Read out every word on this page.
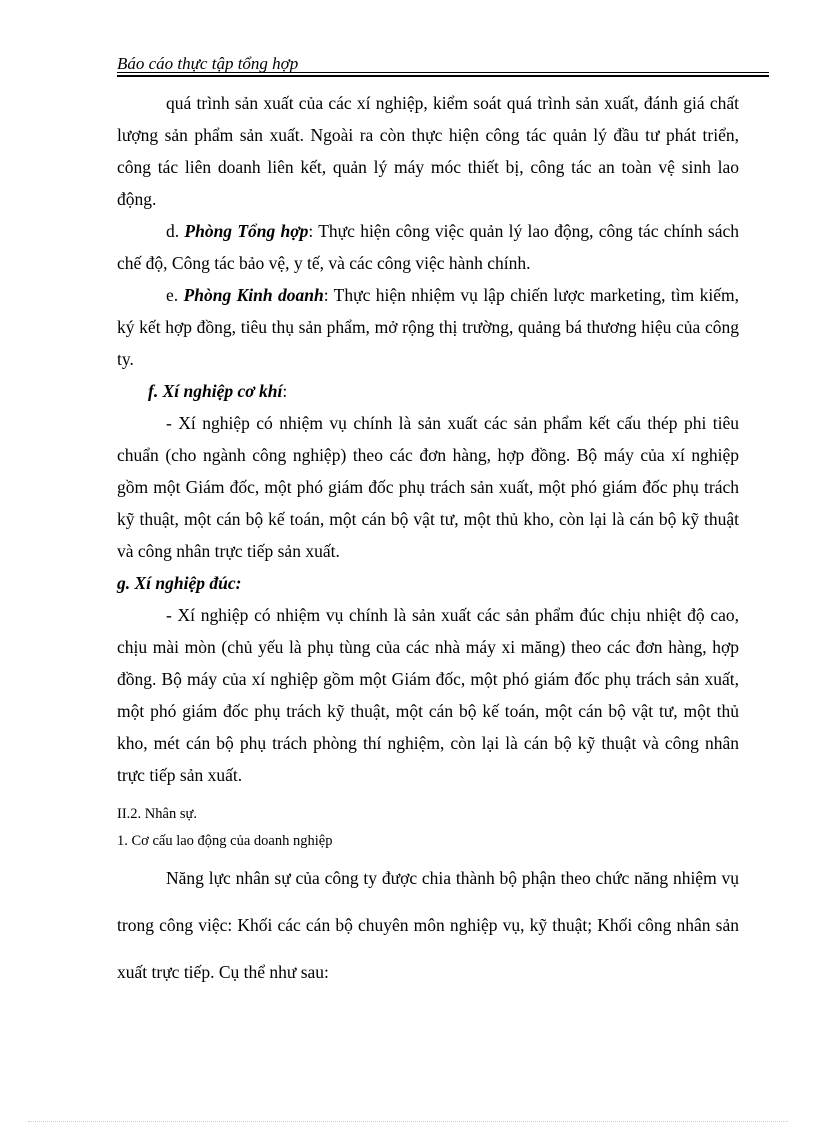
Báo cáo thực tập tổng hợp

quá trình sản xuất của các xí nghiệp, kiểm soát quá trình sản xuất, đánh giá chất lượng sản phẩm sản xuất. Ngoài ra còn thực hiện công tác quản lý đầu tư phát triển, công tác liên doanh liên kết, quản lý máy móc thiết bị, công tác an toàn vệ sinh lao động.

d. Phòng Tổng hợp: Thực hiện công việc quản lý lao động, công tác chính sách chế độ, Công tác bảo vệ, y tế, và các công việc hành chính.

e. Phòng Kinh doanh: Thực hiện nhiệm vụ lập chiến lược marketing, tìm kiếm, ký kết hợp đồng, tiêu thụ sản phẩm, mở rộng thị trường, quảng bá thương hiệu của công ty.

f. Xí nghiệp cơ khí:

- Xí nghiệp có nhiệm vụ chính là sản xuất các sản phẩm kết cấu thép phi tiêu chuẩn (cho ngành công nghiệp) theo các đơn hàng, hợp đồng. Bộ máy của xí nghiệp gồm một Giám đốc, một phó giám đốc phụ trách sản xuất, một phó giám đốc phụ trách kỹ thuật, một cán bộ kế toán, một cán bộ vật tư, một thủ kho, còn lại là cán bộ kỹ thuật và công nhân trực tiếp sản xuất.

g. Xí nghiệp đúc:

- Xí nghiệp có nhiệm vụ chính là sản xuất các sản phẩm đúc chịu nhiệt độ cao, chịu mài mòn (chủ yếu là phụ tùng của các nhà máy xi măng) theo các đơn hàng, hợp đồng. Bộ máy của xí nghiệp gồm một Giám đốc, một phó giám đốc phụ trách sản xuất, một phó giám đốc phụ trách kỹ thuật, một cán bộ kế toán, một cán bộ vật tư, một thủ kho, mét cán bộ phụ trách phòng thí nghiệm, còn lại là cán bộ kỹ thuật và công nhân trực tiếp sản xuất.

II.2. Nhân sự.

1. Cơ cấu lao động của doanh nghiệp

Năng lực nhân sự của công ty được chia thành bộ phận theo chức năng nhiệm vụ trong công việc: Khối các cán bộ chuyên môn nghiệp vụ, kỹ thuật; Khối công nhân sản xuất trực tiếp. Cụ thể như sau:
